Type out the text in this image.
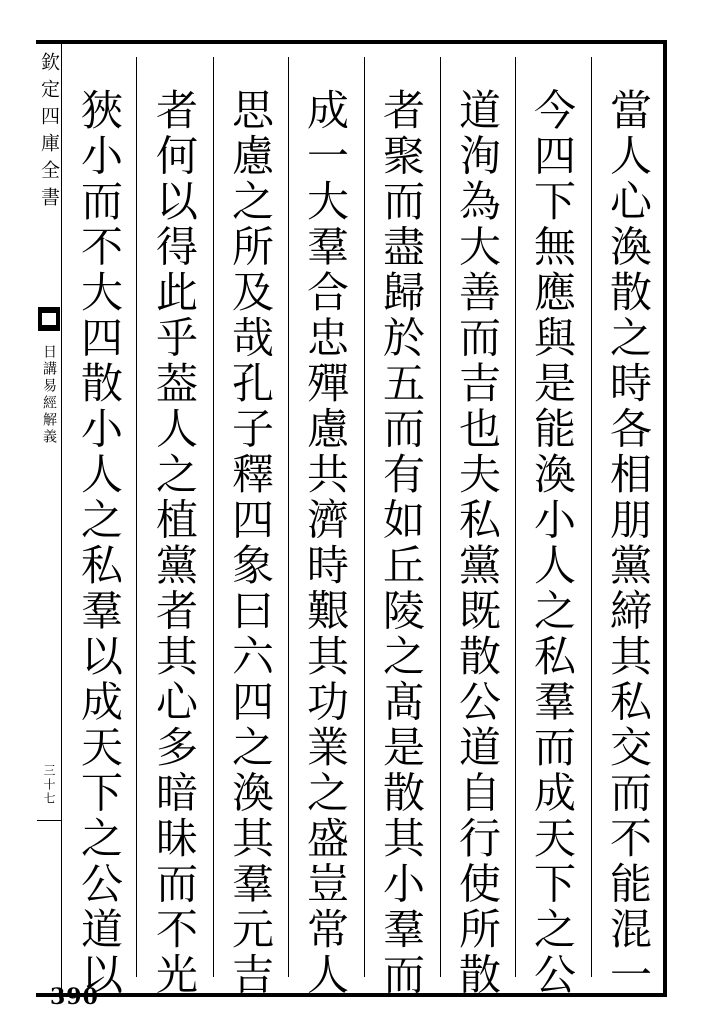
欽定四庫全書
日講易經解義
三十七	當人心渙散之時各相朋黨締其私交而不能混一
今四下無應與是能渙小人之私羣而成天下之公
道洵為大善而吉也夫私黨既散公道自行使所散
者聚而盡歸於五而有如丘陵之髙是散其小羣而
成一大羣合忠殫慮共濟時艱其功業之盛豈常人
思慮之所及哉孔子釋四象曰六四之渙其羣元吉
者何以得此乎葢人之植黨者其心多暗昧而不光
狹小而不大四散小人之私羣以成天下之公道以
390
